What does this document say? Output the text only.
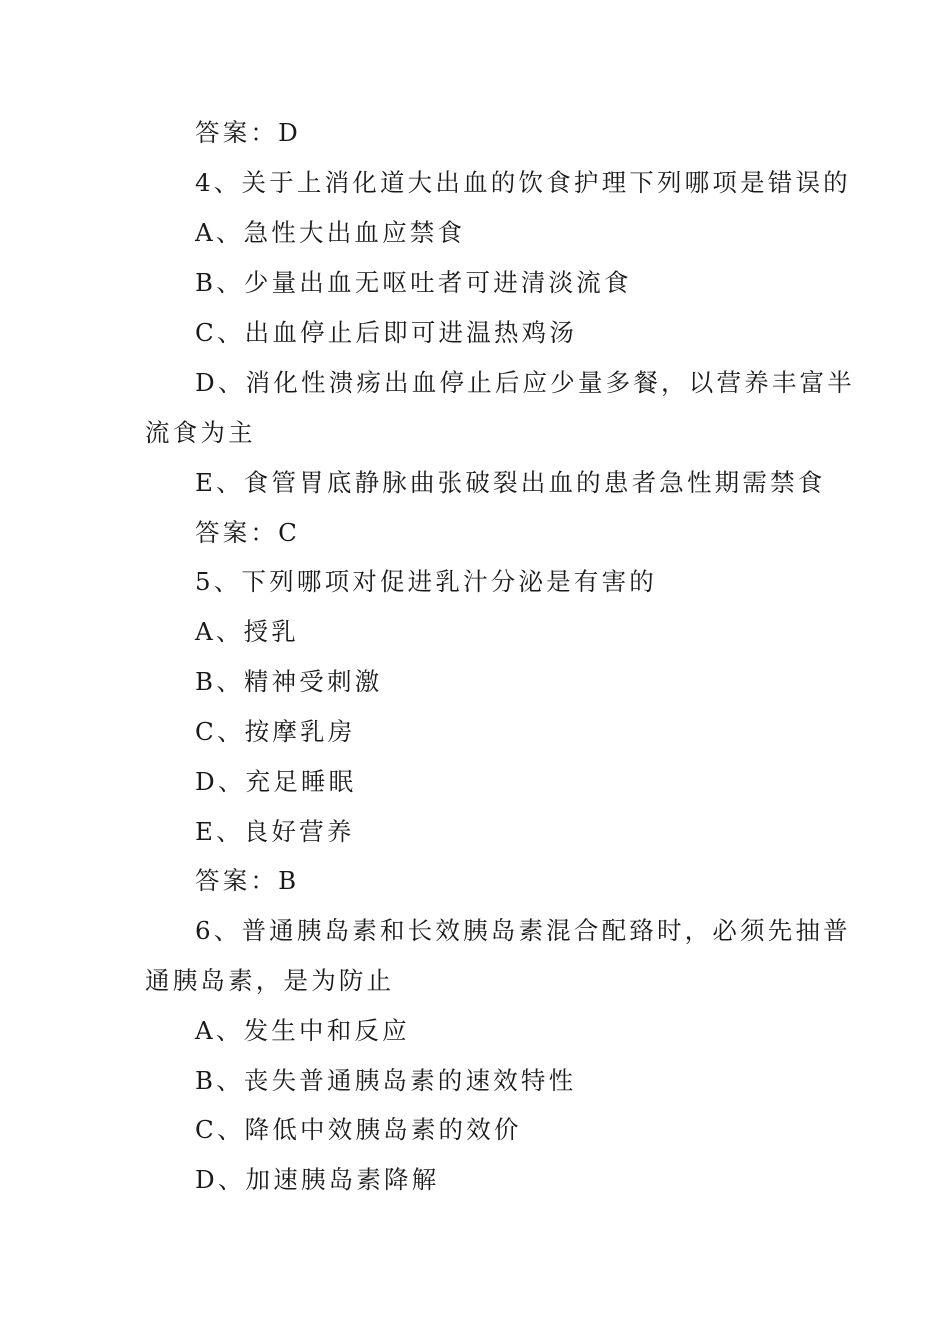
答案：D
4、关于上消化道大出血的饮食护理下列哪项是错误的
A、急性大出血应禁食
B、少量出血无呕吐者可进清淡流食
C、出血停止后即可进温热鸡汤
D、消化性溃疡出血停止后应少量多餐，以营养丰富半
流食为主
E、食管胃底静脉曲张破裂出血的患者急性期需禁食
答案：C
5、下列哪项对促进乳汁分泌是有害的
A、授乳
B、精神受刺激
C、按摩乳房
D、充足睡眠
E、良好营养
答案：B
6、普通胰岛素和长效胰岛素混合配臵时，必须先抽普
通胰岛素，是为防止
A、发生中和反应
B、丧失普通胰岛素的速效特性
C、降低中效胰岛素的效价
D、加速胰岛素降解
